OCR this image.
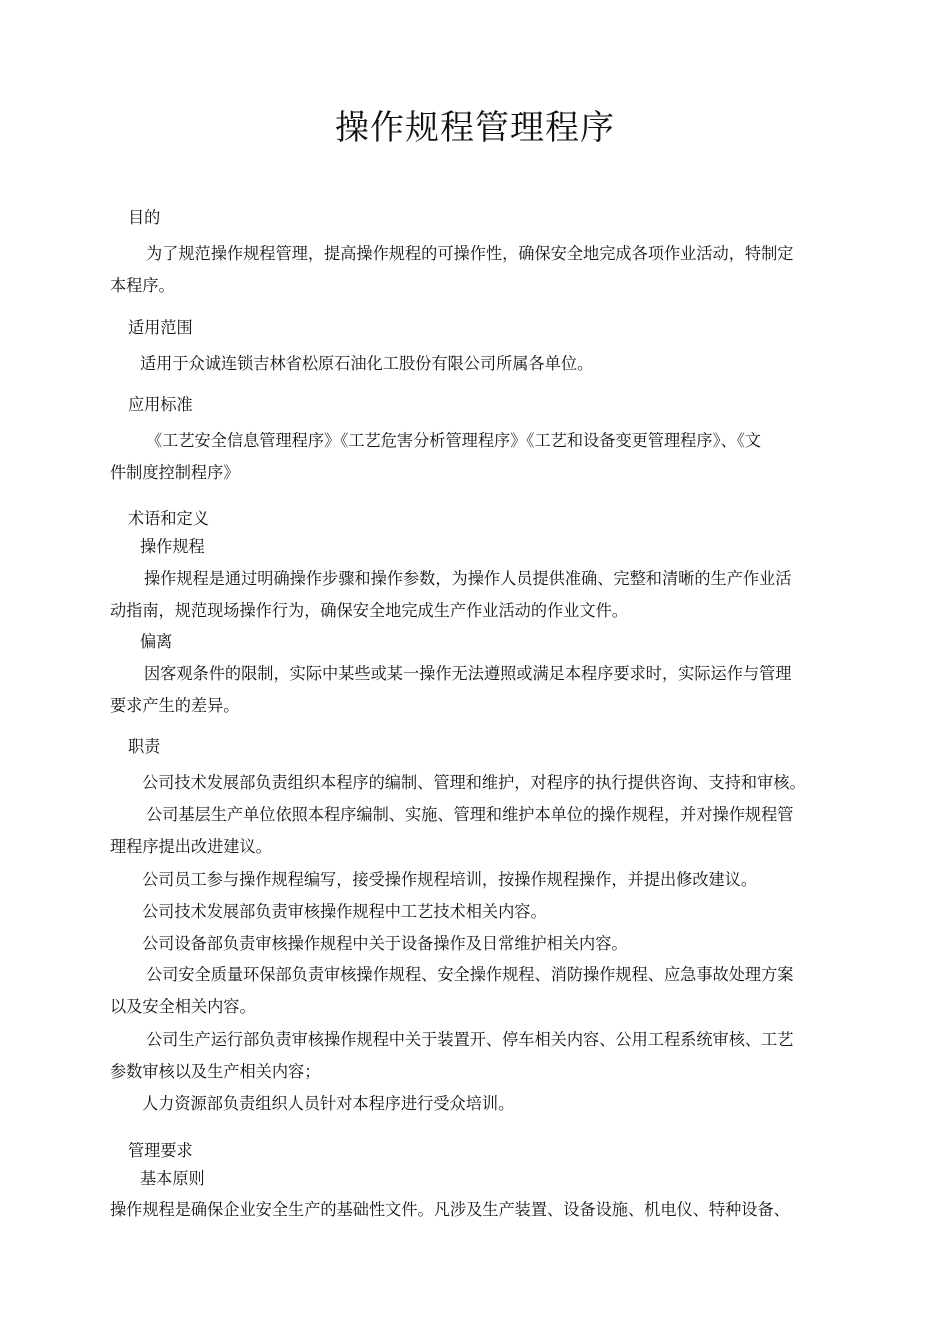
操作规程管理程序
目的
为了规范操作规程管理，提高操作规程的可操作性，确保安全地完成各项作业活动，特制定
本程序。
适用范围
适用于众诚连锁吉林省松原石油化工股份有限公司所属各单位。
应用标准
《工艺安全信息管理程序》《工艺危害分析管理程序》《工艺和设备变更管理程序》、《文
件制度控制程序》
术语和定义
操作规程
操作规程是通过明确操作步骤和操作参数，为操作人员提供准确、完整和清晰的生产作业活
动指南，规范现场操作行为，确保安全地完成生产作业活动的作业文件。
偏离
因客观条件的限制，实际中某些或某一操作无法遵照或满足本程序要求时，实际运作与管理
要求产生的差异。
职责
公司技术发展部负责组织本程序的编制、管理和维护，对程序的执行提供咨询、支持和审核。
公司基层生产单位依照本程序编制、实施、管理和维护本单位的操作规程，并对操作规程管
理程序提出改进建议。
公司员工参与操作规程编写，接受操作规程培训，按操作规程操作，并提出修改建议。
公司技术发展部负责审核操作规程中工艺技术相关内容。
公司设备部负责审核操作规程中关于设备操作及日常维护相关内容。
公司安全质量环保部负责审核操作规程、安全操作规程、消防操作规程、应急事故处理方案
以及安全相关内容。
公司生产运行部负责审核操作规程中关于装置开、停车相关内容、公用工程系统审核、工艺
参数审核以及生产相关内容；
人力资源部负责组织人员针对本程序进行受众培训。
管理要求
基本原则
操作规程是确保企业安全生产的基础性文件。凡涉及生产装置、设备设施、机电仪、特种设备、
